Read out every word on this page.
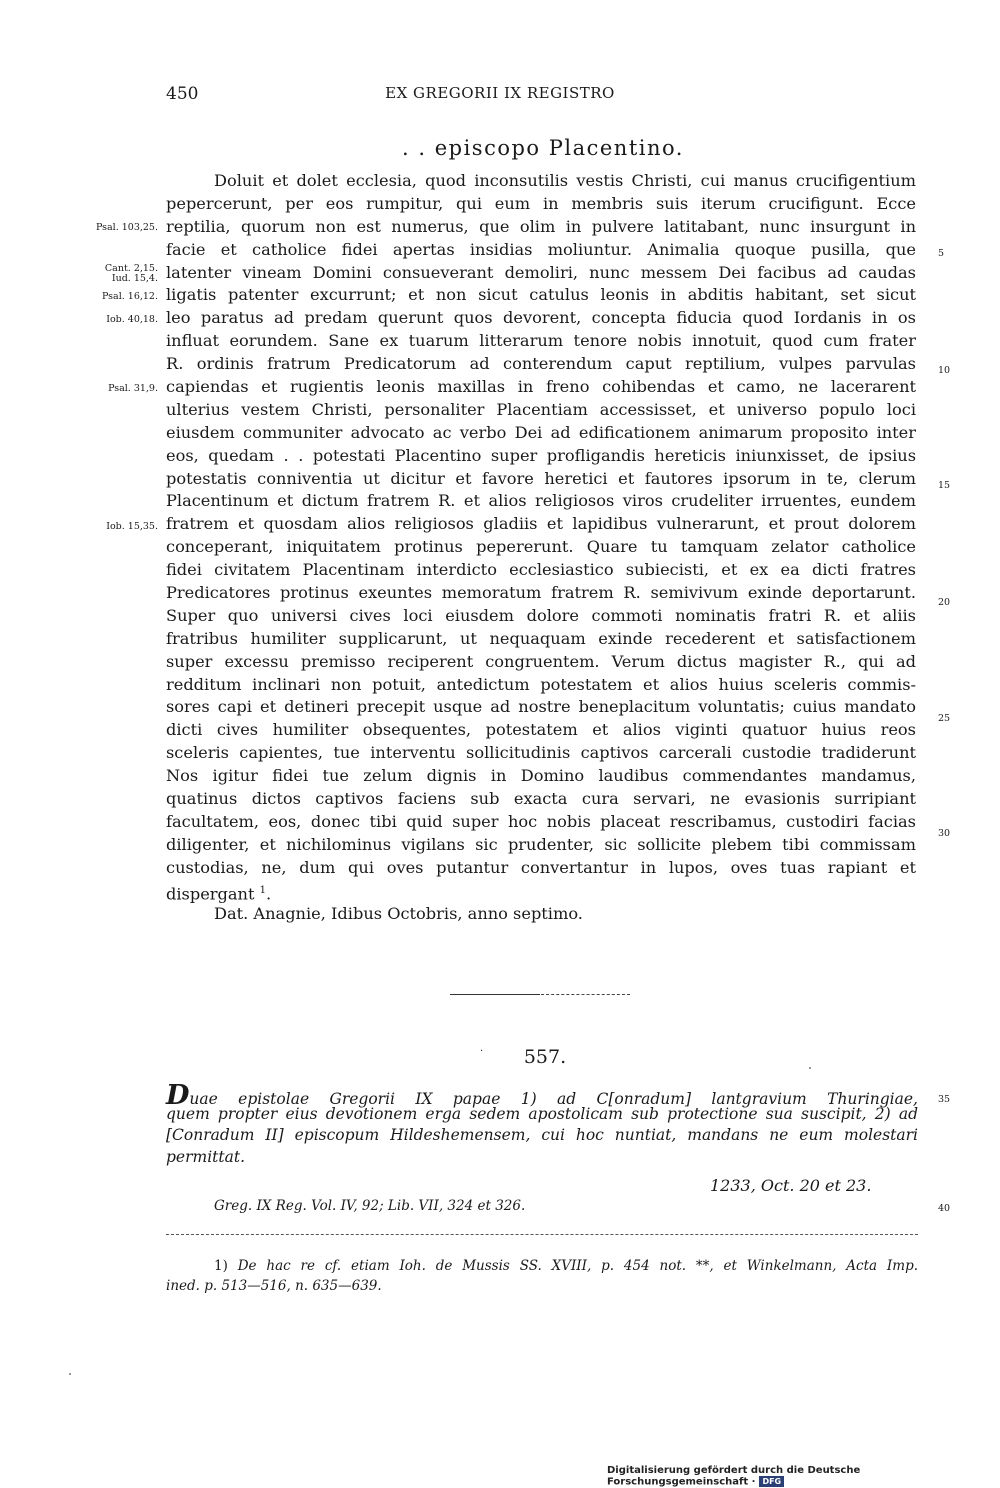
450	EX GREGORII IX REGISTRO
. . episcopo Placentino.
Doluit et dolet ecclesia, quod inconsutilis vestis Christi, cui manus crucifigentium
pepercerunt, per eos rumpitur, qui eum in membris suis iterum crucifigunt. Ecce
reptilia, quorum non est numerus, que olim in pulvere latitabant, nunc insurgunt in
facie et catholice fidei apertas insidias moliuntur. Animalia quoque pusilla, que
latenter vineam Domini consueverant demoliri, nunc messem Dei facibus ad caudas
ligatis patenter excurrunt; et non sicut catulus leonis in abditis habitant, set sicut
leo paratus ad predam querunt quos devorent, concepta fiducia quod Iordanis in os
influat eorundem. Sane ex tuarum litterarum tenore nobis innotuit, quod cum frater
R. ordinis fratrum Predicatorum ad conterendum caput reptilium, vulpes parvulas
capiendas et rugientis leonis maxillas in freno cohibendas et camo, ne lacerarent
ulterius vestem Christi, personaliter Placentiam accessisset, et universo populo loci
eiusdem communiter advocato ac verbo Dei ad edificationem animarum proposito inter
eos, quedam . . potestati Placentino super profligandis hereticis iniunxisset, de ipsius
potestatis conniventia ut dicitur et favore heretici et fautores ipsorum in te, clerum
Placentinum et dictum fratrem R. et alios religiosos viros crudeliter irruentes, eundem
fratrem et quosdam alios religiosos gladiis et lapidibus vulnerarunt, et prout dolorem
conceperant, iniquitatem protinus pepererunt. Quare tu tamquam zelator catholice
fidei civitatem Placentinam interdicto ecclesiastico subiecisti, et ex ea dicti fratres
Predicatores protinus exeuntes memoratum fratrem R. semivivum exinde deportarunt.
Super quo universi cives loci eiusdem dolore commoti nominatis fratri R. et aliis
fratribus humiliter supplicarunt, ut nequaquam exinde recederent et satisfactionem
super excessu premisso reciperent congruentem. Verum dictus magister R., qui ad
redditum inclinari non potuit, antedictum potestatem et alios huius sceleris commis-
sores capi et detineri precepit usque ad nostre beneplacitum voluntatis; cuius mandato
dicti cives humiliter obsequentes, potestatem et alios viginti quatuor huius reos
sceleris capientes, tue interventu sollicitudinis captivos carcerali custodie tradiderunt
Nos igitur fidei tue zelum dignis in Domino laudibus commendantes mandamus,
quatinus dictos captivos faciens sub exacta cura servari, ne evasionis surripiant
facultatem, eos, donec tibi quid super hoc nobis placeat rescribamus, custodiri facias
diligenter, et nichilominus vigilans sic prudenter, sic sollicite plebem tibi commissam
custodias, ne, dum qui oves putantur convertantur in lupos, oves tuas rapiant et
dispergant $^1$.
Dat. Anagnie, Idibus Octobris, anno septimo.
Psal. 103,25.
Cant. 2,15.
Iud. 15,4.
Psal. 16,12.
Iob. 40,18.
Psal. 31,9.
Iob. 15,35.
5
10
15
20
25
30
·	557.
Duae epistolae Gregorii IX papae 1) ad C[onradum] lantgravium Thuringiae,
quem propter eius devotionem erga sedem apostolicam sub protectione sua suscipit, 2) ad
[Conradum II] episcopum Hildeshemensem, cui hoc nuntiat, mandans ne eum molestari
permittat.
35
1233, Oct. 20 et 23.
Greg. IX Reg. Vol. IV, 92; Lib. VII, 324 et 326.	40
1) De hac re cf. etiam Ioh. de Mussis SS. XVIII, p. 454 not. **, et Winkelmann, Acta Imp.
ined. p. 513—516, n. 635—639.
Digitalisierung gefördert durch die Deutsche Forschungsgemeinschaft · DFG
